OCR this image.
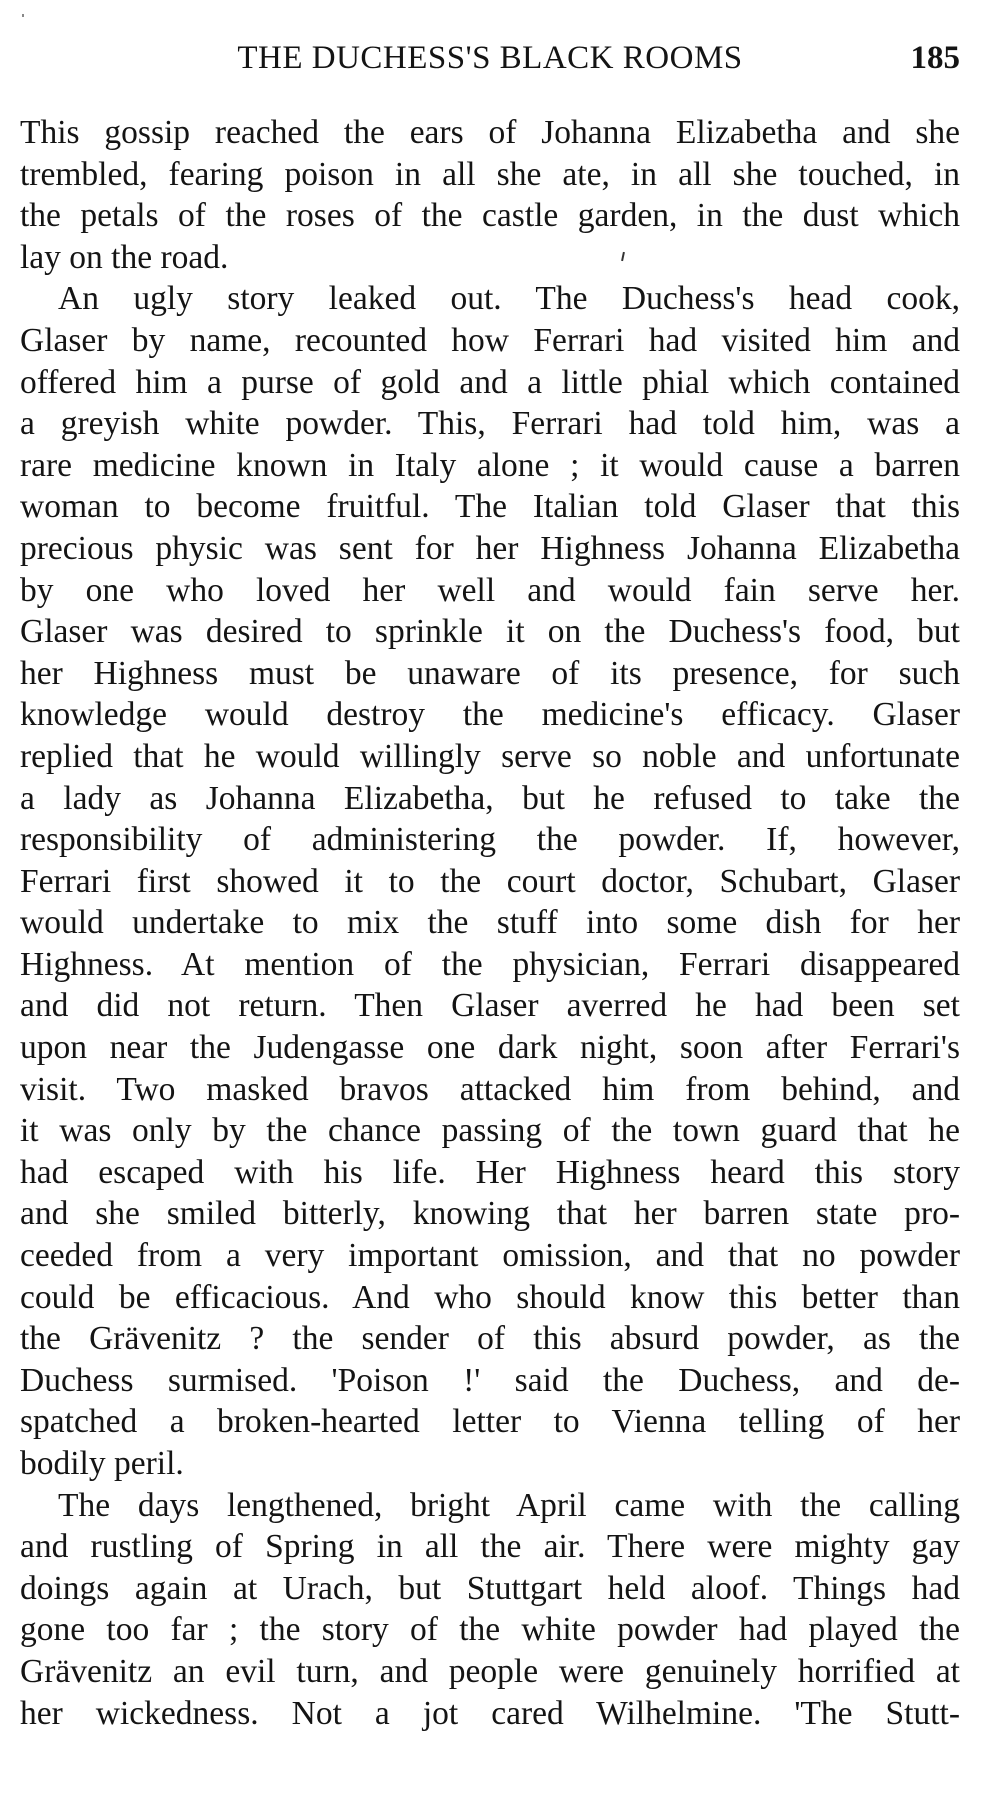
THE DUCHESS'S BLACK ROOMS	185

This gossip reached the ears of Johanna Elizabetha and she
trembled, fearing poison in all she ate, in all she touched, in
the petals of the roses of the castle garden, in the dust which
lay on the road.

An ugly story leaked out. The Duchess's head cook,
Glaser by name, recounted how Ferrari had visited him and
offered him a purse of gold and a little phial which contained
a greyish white powder. This, Ferrari had told him, was a
rare medicine known in Italy alone ; it would cause a barren
woman to become fruitful. The Italian told Glaser that this
precious physic was sent for her Highness Johanna Elizabetha
by one who loved her well and would fain serve her.
Glaser was desired to sprinkle it on the Duchess's food, but
her Highness must be unaware of its presence, for such
knowledge would destroy the medicine's efficacy. Glaser
replied that he would willingly serve so noble and unfortunate
a lady as Johanna Elizabetha, but he refused to take the
responsibility of administering the powder. If, however,
Ferrari first showed it to the court doctor, Schubart, Glaser
would undertake to mix the stuff into some dish for her
Highness. At mention of the physician, Ferrari disappeared
and did not return. Then Glaser averred he had been set
upon near the Judengasse one dark night, soon after Ferrari's
visit. Two masked bravos attacked him from behind, and
it was only by the chance passing of the town guard that he
had escaped with his life. Her Highness heard this story
and she smiled bitterly, knowing that her barren state pro-
ceeded from a very important omission, and that no powder
could be efficacious. And who should know this better than
the Grävenitz ? the sender of this absurd powder, as the
Duchess surmised. 'Poison !' said the Duchess, and de-
spatched a broken-hearted letter to Vienna telling of her
bodily peril.

The days lengthened, bright April came with the calling
and rustling of Spring in all the air. There were mighty gay
doings again at Urach, but Stuttgart held aloof. Things had
gone too far ; the story of the white powder had played the
Grävenitz an evil turn, and people were genuinely horrified at
her wickedness. Not a jot cared Wilhelmine. 'The Stutt-
